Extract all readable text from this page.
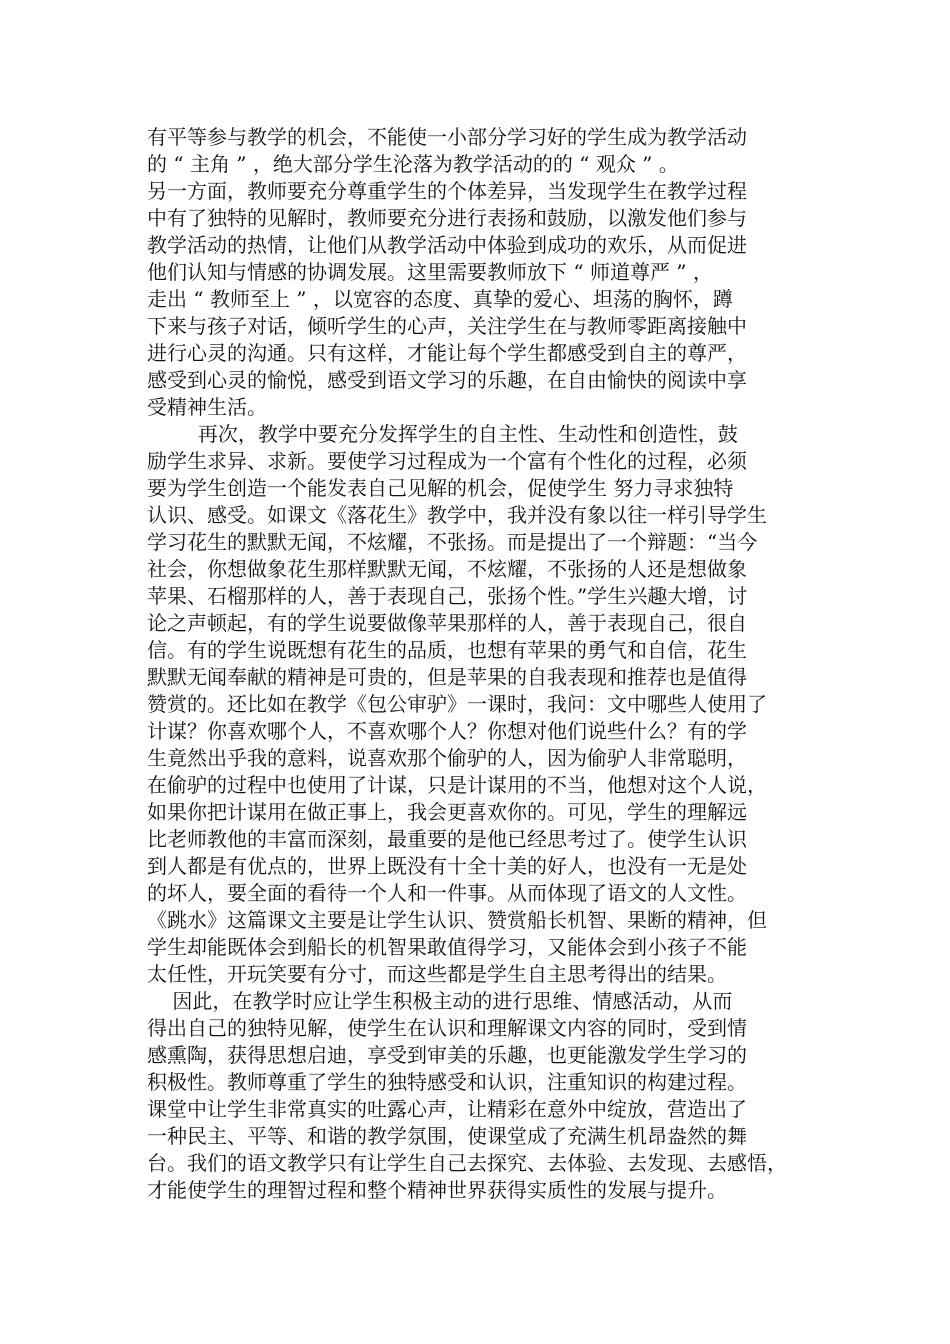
有平等参与教学的机会，不能使一小部分学习好的学生成为教学活动
的 “ 主角 ” ，绝大部分学生沦落为教学活动的的 “ 观众 ” 。
另一方面，教师要充分尊重学生的个体差异，当发现学生在教学过程
中有了独特的见解时，教师要充分进行表扬和鼓励，以激发他们参与
教学活动的热情，让他们从教学活动中体验到成功的欢乐，从而促进
他们认知与情感的协调发展。这里需要教师放下 “ 师道尊严 ” ，
走出 “ 教师至上 ” ，以宽容的态度、真挚的爱心、坦荡的胸怀，蹲
下来与孩子对话，倾听学生的心声，关注学生在与教师零距离接触中
进行心灵的沟通。只有这样，才能让每个学生都感受到自主的尊严，
感受到心灵的愉悦，感受到语文学习的乐趣，在自由愉快的阅读中享
受精神生活。
再次，教学中要充分发挥学生的自主性、生动性和创造性，鼓
励学生求异、求新。要使学习过程成为一个富有个性化的过程，必须
要为学生创造一个能发表自己见解的机会，促使学生 努力寻求独特
认识、感受。如课文《落花生》教学中，我并没有象以往一样引导学生
学习花生的默默无闻，不炫耀，不张扬。而是提出了一个辩题：“当今
社会，你想做象花生那样默默无闻，不炫耀，不张扬的人还是想做象
苹果、石榴那样的人，善于表现自己，张扬个性。”学生兴趣大增，讨
论之声顿起，有的学生说要做像苹果那样的人，善于表现自己，很自
信。有的学生说既想有花生的品质，也想有苹果的勇气和自信，花生
默默无闻奉献的精神是可贵的，但是苹果的自我表现和推荐也是值得
赞赏的。还比如在教学《包公审驴》一课时，我问：文中哪些人使用了
计谋？你喜欢哪个人，不喜欢哪个人？你想对他们说些什么？有的学
生竟然出乎我的意料，说喜欢那个偷驴的人，因为偷驴人非常聪明，
在偷驴的过程中也使用了计谋，只是计谋用的不当，他想对这个人说，
如果你把计谋用在做正事上，我会更喜欢你的。可见，学生的理解远
比老师教他的丰富而深刻，最重要的是他已经思考过了。使学生认识
到人都是有优点的，世界上既没有十全十美的好人，也没有一无是处
的坏人，要全面的看待一个人和一件事。从而体现了语文的人文性。
《跳水》这篇课文主要是让学生认识、赞赏船长机智、果断的精神，但
学生却能既体会到船长的机智果敢值得学习，又能体会到小孩子不能
太任性，开玩笑要有分寸，而这些都是学生自主思考得出的结果。
因此，在教学时应让学生积极主动的进行思维、情感活动，从而
得出自己的独特见解，使学生在认识和理解课文内容的同时，受到情
感熏陶，获得思想启迪，享受到审美的乐趣，也更能激发学生学习的
积极性。教师尊重了学生的独特感受和认识，注重知识的构建过程。
课堂中让学生非常真实的吐露心声，让精彩在意外中绽放，营造出了
一种民主、平等、和谐的教学氛围，使课堂成了充满生机昂盎然的舞
台。我们的语文教学只有让学生自己去探究、去体验、去发现、去感悟，
才能使学生的理智过程和整个精神世界获得实质性的发展与提升。
